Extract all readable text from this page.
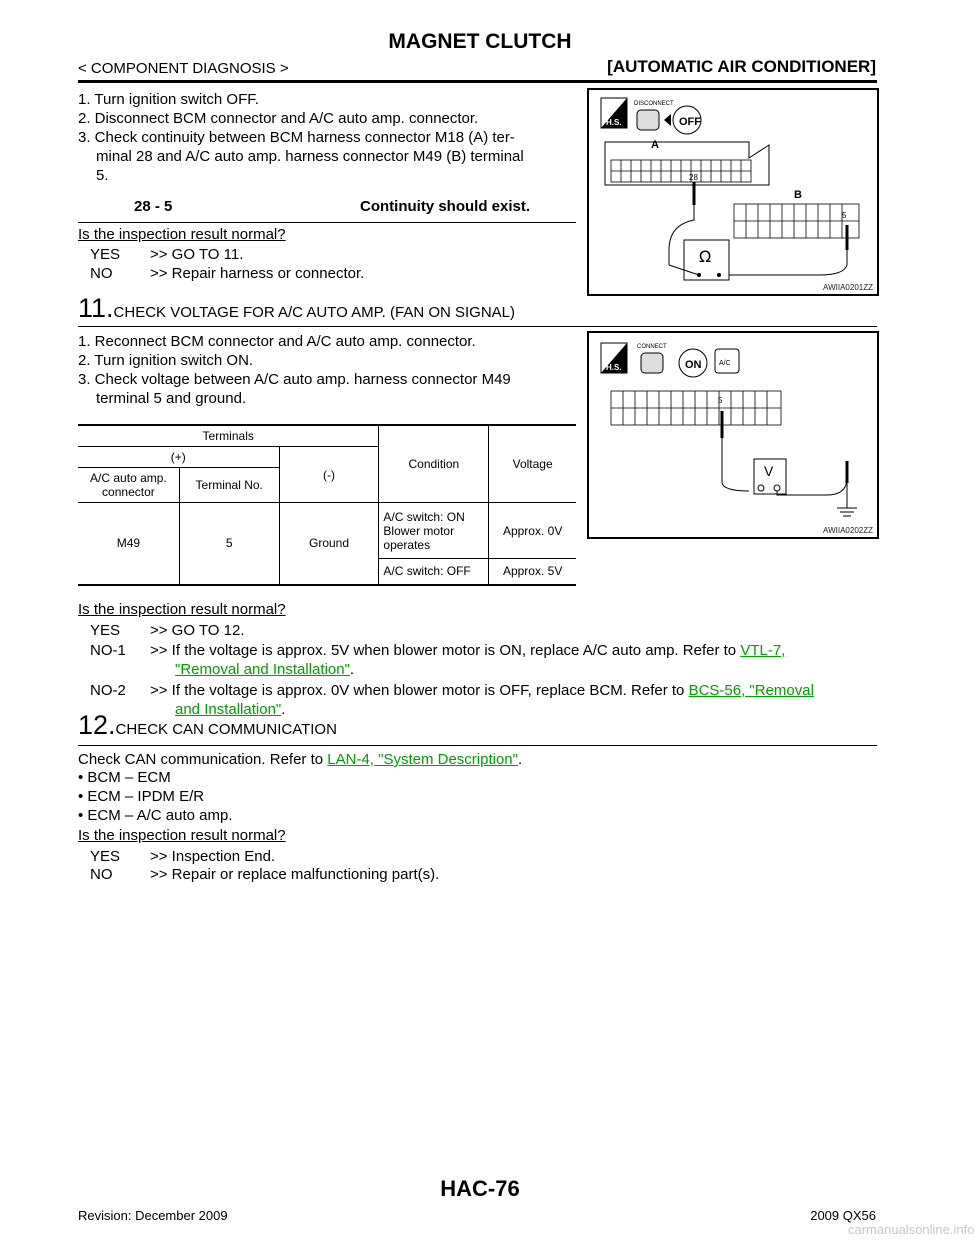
MAGNET CLUTCH
< COMPONENT DIAGNOSIS >	[AUTOMATIC AIR CONDITIONER]
1. Turn ignition switch OFF.
2. Disconnect BCM connector and A/C auto amp. connector.
3. Check continuity between BCM harness connector M18 (A) ter-
minal 28 and A/C auto amp. harness connector M49 (B) terminal
5.
28 - 5	Continuity should exist.
Is the inspection result normal?
YES >> GO TO 11.
NO	>> Repair harness or connector.
H.S.
DISCONNECT
OFF
A
28
B
5
Ω
AWIIA0201ZZ
11.CHECK VOLTAGE FOR A/C AUTO AMP. (FAN ON SIGNAL)
1. Reconnect BCM connector and A/C auto amp. connector.
2. Turn ignition switch ON.
3. Check voltage between A/C auto amp. harness connector M49
terminal 5 and ground.
Terminals			Condition	Voltage
(+)		(-)		
A/C auto amp. connector	Terminal No.			
M49	5	Ground	A/C switch: ON Blower motor operates	Approx. 0V
			A/C switch: OFF	Approx. 5V
H.S.
CONNECT
ON	A/C
5
V
AWIIA0202ZZ
Is the inspection result normal?
YES >> GO TO 12.
NO-1 >> If the voltage is approx. 5V when blower motor is ON, replace A/C auto amp. Refer to VTL-7,
"Removal and Installation".
NO-2 >> If the voltage is approx. 0V when blower motor is OFF, replace BCM. Refer to BCS-56, "Removal
and Installation".
12.CHECK CAN COMMUNICATION
Check CAN communication. Refer to LAN-4, "System Description".
• BCM – ECM
• ECM – IPDM E/R
• ECM – A/C auto amp.
Is the inspection result normal?
YES >> Inspection End.
NO	>> Repair or replace malfunctioning part(s).
HAC-76
Revision: December 2009	2009 QX56
carmanualsonline.info
